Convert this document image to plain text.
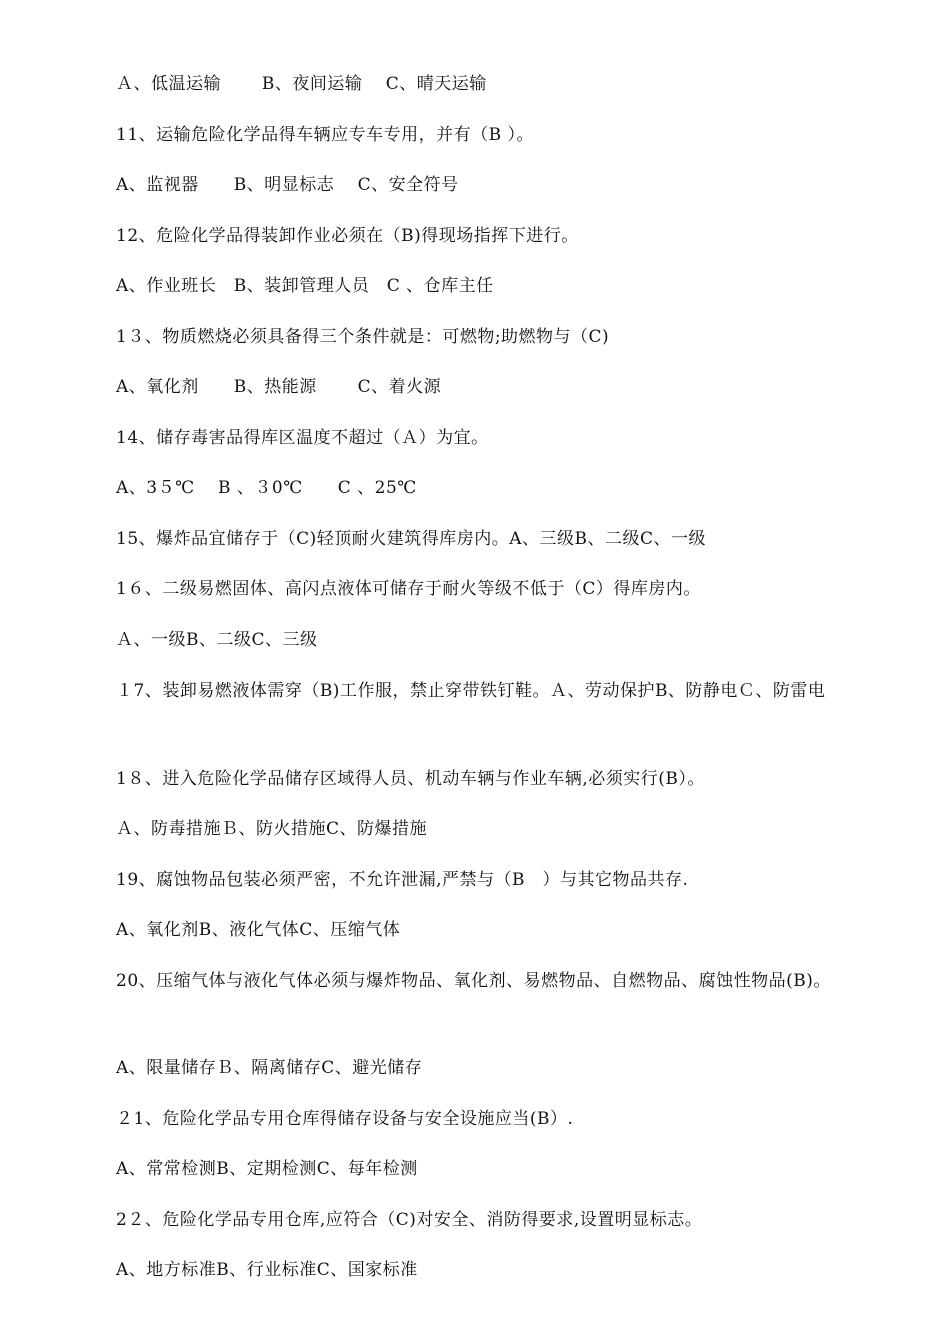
Ａ、低温运输　　 B、夜间运输　 C、晴天运输
11、运输危险化学品得车辆应专车专用，并有（B ）。
A、监视器　　B、明显标志　 C、安全符号
12、危险化学品得装卸作业必须在（B)得现场指挥下进行。
A、作业班长　B、装卸管理人员　C 、仓库主任
1３、物质燃烧必须具备得三个条件就是：可燃物;助燃物与（C)
A、氧化剂　　B、热能源　　 C、着火源
14、储存毒害品得库区温度不超过（Ａ）为宜。
A、3５℃　 B 、３0℃　　C 、25℃
15、爆炸品宜储存于（C)轻顶耐火建筑得库房内。A、三级B、二级C、一级
1６、二级易燃固体、高闪点液体可储存于耐火等级不低于（C）得库房内。
Ａ、一级B、二级C、三级
１7、装卸易燃液体需穿（B)工作服，禁止穿带铁钉鞋。Ａ、劳动保护B、防静电Ｃ、防雷电
1８、进入危险化学品储存区域得人员、机动车辆与作业车辆,必须实行(B）。
Ａ、防毒措施Ｂ、防火措施C、防爆措施
19、腐蚀物品包装必须严密，不允许泄漏,严禁与（B　）与其它物品共存.
A、氧化剂B、液化气体C、压缩气体
20、压缩气体与液化气体必须与爆炸物品、氧化剂、易燃物品、自燃物品、腐蚀性物品(B)。
A、限量储存Ｂ、隔离储存C、避光储存
２1、危险化学品专用仓库得储存设备与安全设施应当(B）.
A、常常检测B、定期检测C、每年检测
2２、危险化学品专用仓库,应符合（C)对安全、消防得要求,设置明显标志。
A、地方标准B、行业标准C、国家标准
